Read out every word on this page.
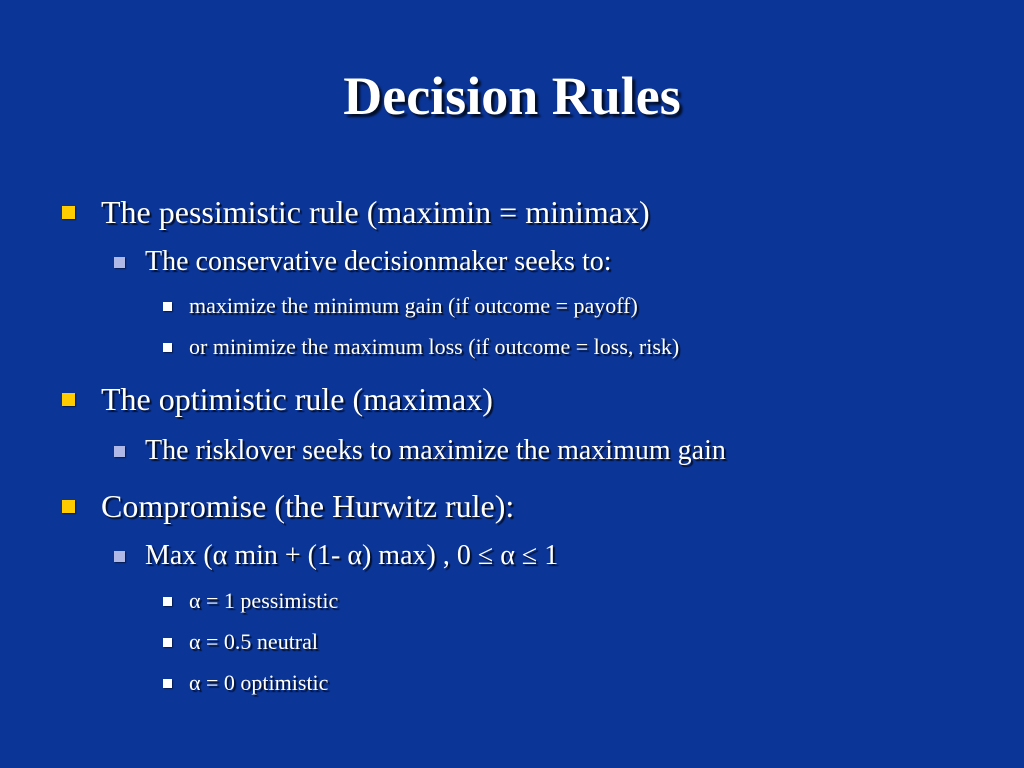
Decision Rules
The pessimistic rule (maximin = minimax)
The conservative decisionmaker seeks to:
maximize the minimum gain (if outcome = payoff)
or minimize the maximum loss (if outcome = loss, risk)
The optimistic rule (maximax)
The risklover seeks to maximize the maximum gain
Compromise (the Hurwitz rule):
Max (α min + (1- α) max) , 0 ≤ α ≤ 1
α = 1 pessimistic
α = 0.5 neutral
α = 0 optimistic
